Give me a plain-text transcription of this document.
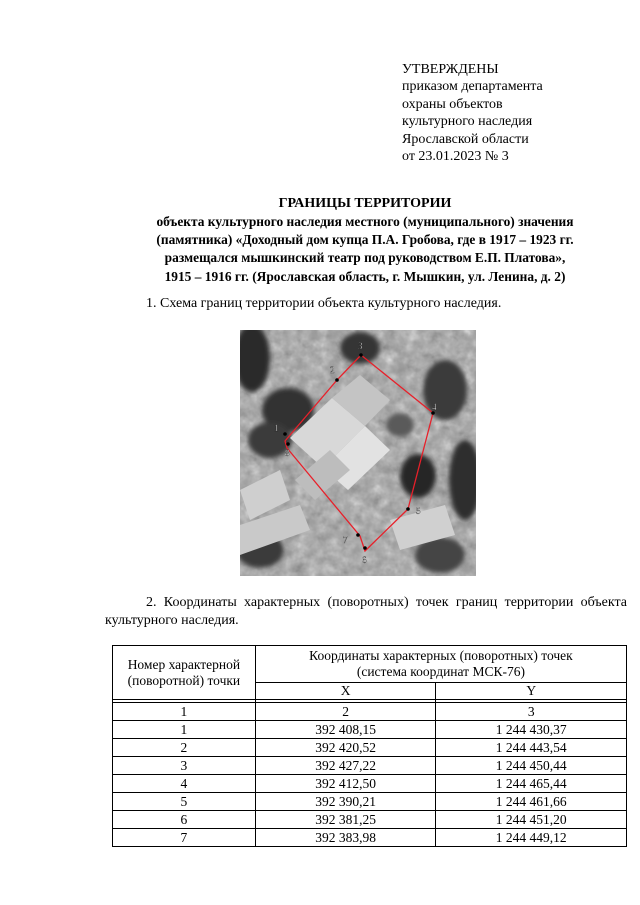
УТВЕРЖДЕНЫ
приказом департамента
охраны объектов
культурного наследия
Ярославской области
от 23.01.2023 № 3
ГРАНИЦЫ ТЕРРИТОРИИ
объекта культурного наследия местного (муниципального) значения
(памятника) «Доходный дом купца П.А. Гробова, где в 1917 – 1923 гг.
размещался мышкинский театр под руководством Е.П. Платова»,
1915 – 1916 гг. (Ярославская область, г. Мышкин, ул. Ленина, д. 2)
1. Схема границ территории объекта культурного наследия.
1
2
3
4
5
6
7
8
2. Координаты характерных (поворотных) точек границ территории объекта культурного наследия.
Номер характерной (поворотной) точки	Координаты характерных (поворотных) точек (система координат МСК-76)	
	X	Y

1	2	3
1	392 408,15	1 244 430,37
2	392 420,52	1 244 443,54
3	392 427,22	1 244 450,44
4	392 412,50	1 244 465,44
5	392 390,21	1 244 461,66
6	392 381,25	1 244 451,20
7	392 383,98	1 244 449,12
